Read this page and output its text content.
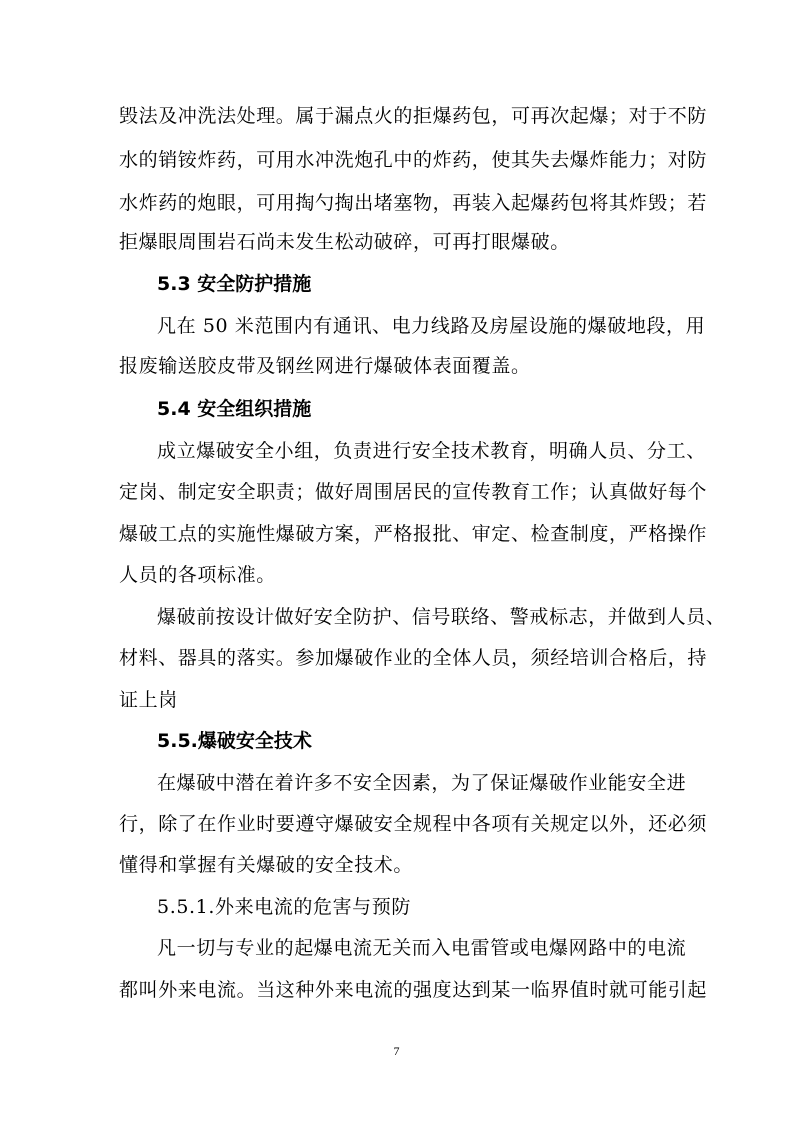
毁法及冲洗法处理。属于漏点火的拒爆药包，可再次起爆；对于不防
水的销铵炸药，可用水冲洗炮孔中的炸药，使其失去爆炸能力；对防
水炸药的炮眼，可用掏勺掏出堵塞物，再装入起爆药包将其炸毁；若
拒爆眼周围岩石尚未发生松动破碎，可再打眼爆破。
5.3 安全防护措施
凡在 50 米范围内有通讯、电力线路及房屋设施的爆破地段，用
报废输送胶皮带及钢丝网进行爆破体表面覆盖。
5.4 安全组织措施
成立爆破安全小组，负责进行安全技术教育，明确人员、分工、
定岗、制定安全职责；做好周围居民的宣传教育工作；认真做好每个
爆破工点的实施性爆破方案，严格报批、审定、检查制度，严格操作
人员的各项标准。
爆破前按设计做好安全防护、信号联络、警戒标志，并做到人员、
材料、器具的落实。参加爆破作业的全体人员，须经培训合格后，持
证上岗
5.5.爆破安全技术
在爆破中潜在着许多不安全因素，为了保证爆破作业能安全进
行，除了在作业时要遵守爆破安全规程中各项有关规定以外，还必须
懂得和掌握有关爆破的安全技术。
5.5.1.外来电流的危害与预防
凡一切与专业的起爆电流无关而入电雷管或电爆网路中的电流
都叫外来电流。当这种外来电流的强度达到某一临界值时就可能引起
7
